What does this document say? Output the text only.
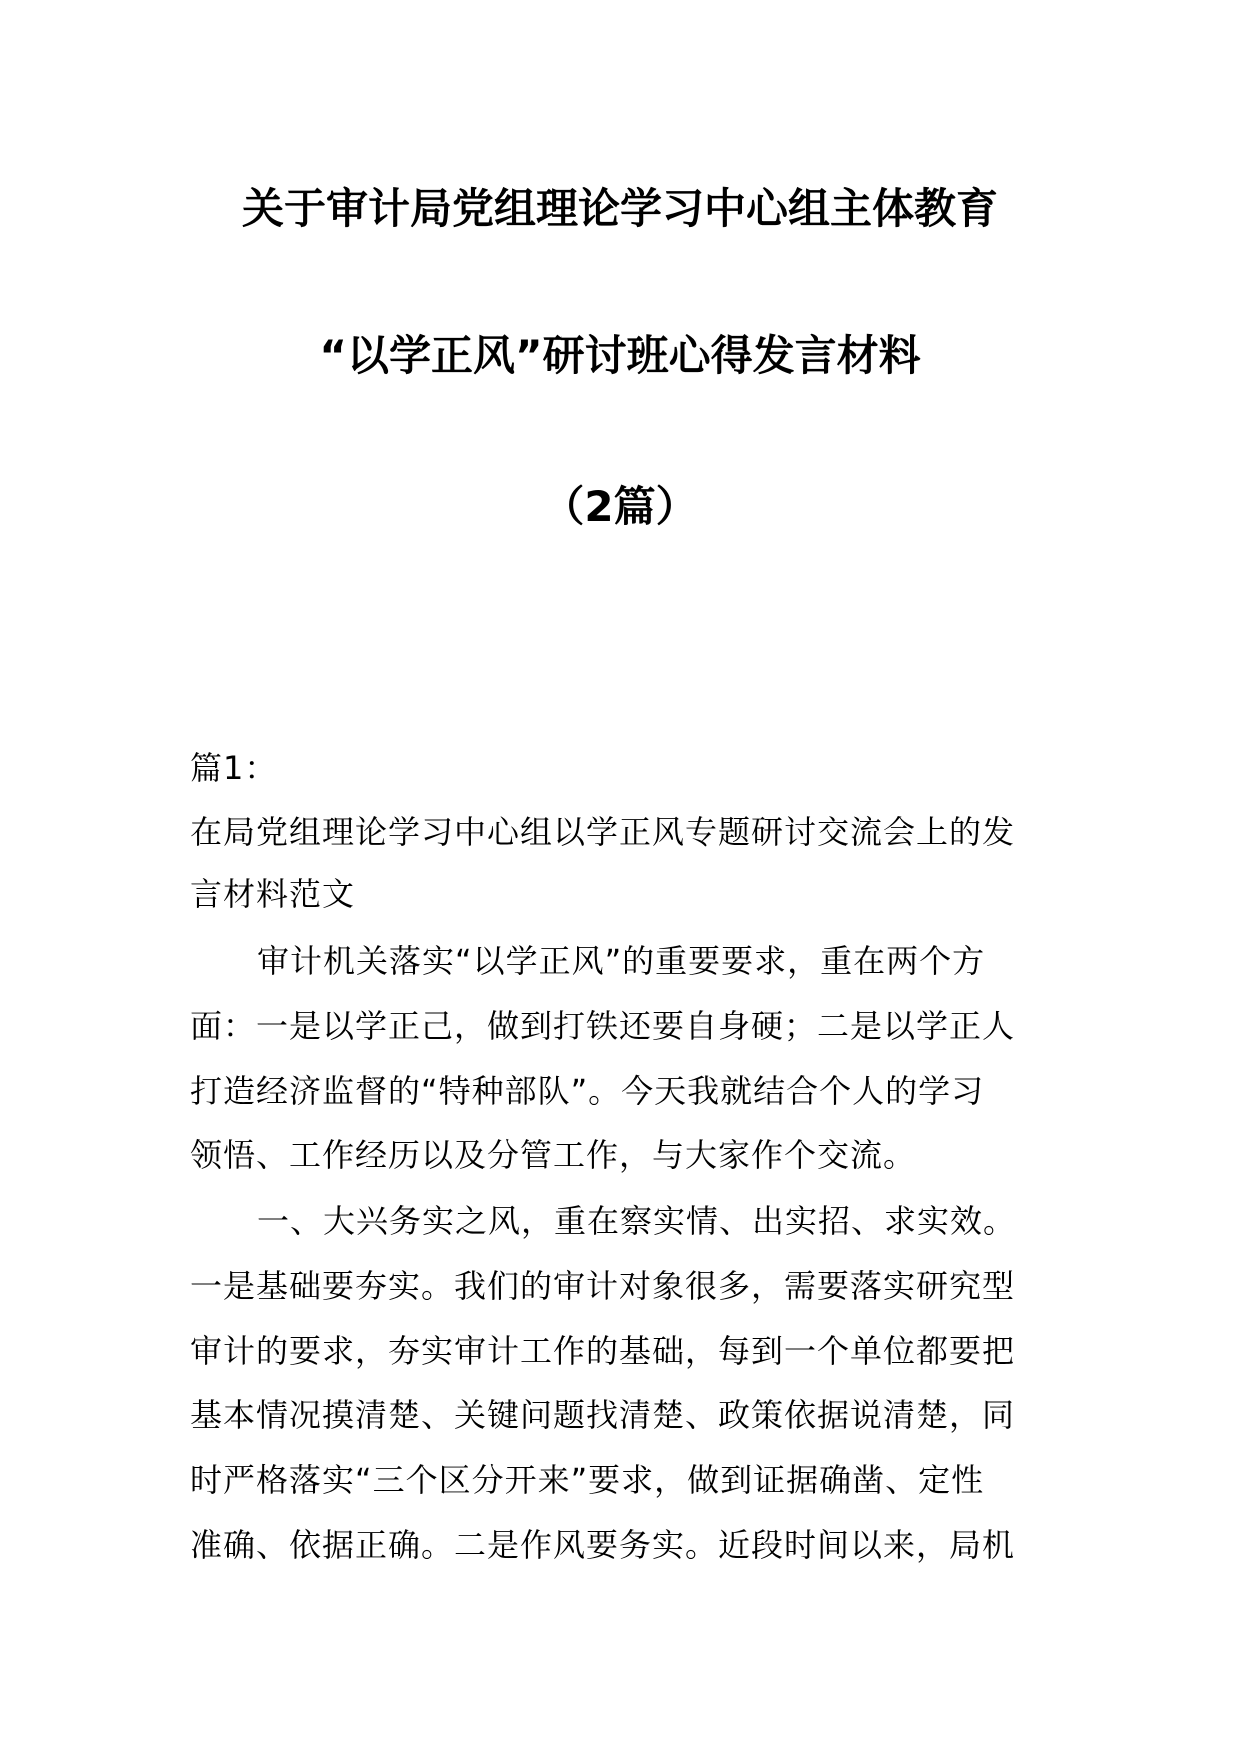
关于审计局党组理论学习中心组主体教育
“以学正风”研讨班心得发言材料
（2篇）
篇1：
在局党组理论学习中心组以学正风专题研讨交流会上的发
言材料范文
审计机关落实“以学正风”的重要要求，重在两个方
面：一是以学正己，做到打铁还要自身硬；二是以学正人
打造经济监督的“特种部队”。今天我就结合个人的学习
领悟、工作经历以及分管工作，与大家作个交流。
一、大兴务实之风，重在察实情、出实招、求实效。
一是基础要夯实。我们的审计对象很多，需要落实研究型
审计的要求，夯实审计工作的基础，每到一个单位都要把
基本情况摸清楚、关键问题找清楚、政策依据说清楚，同
时严格落实“三个区分开来”要求，做到证据确凿、定性
准确、依据正确。二是作风要务实。近段时间以来，局机
